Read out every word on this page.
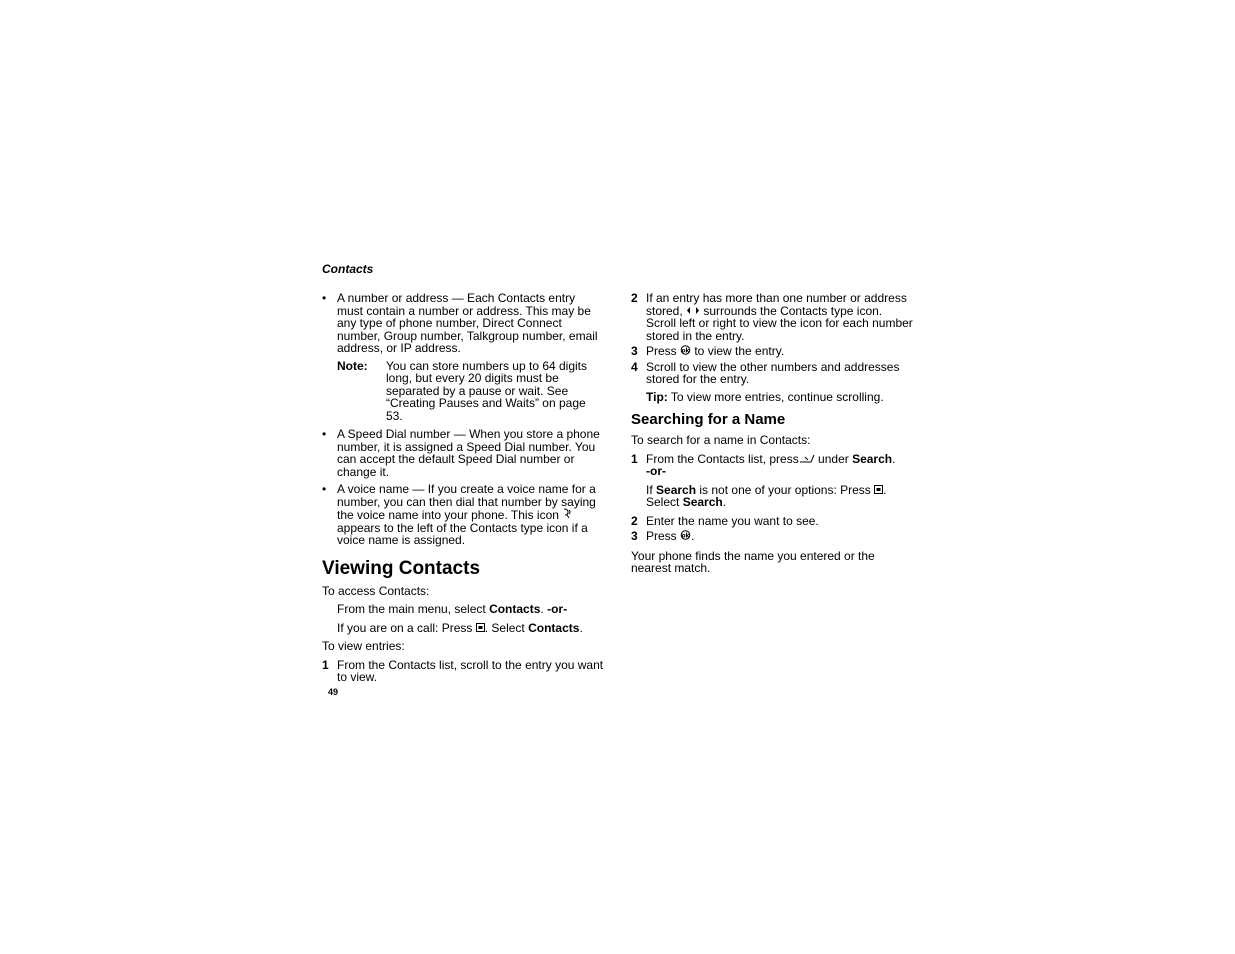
Contacts
• A number or address — Each Contacts entry must contain a number or address. This may be any type of phone number, Direct Connect number, Group number, Talkgroup number, email address, or IP address.
Note: You can store numbers up to 64 digits long, but every 20 digits must be separated by a pause or wait. See “Creating Pauses and Waits” on page 53.
• A Speed Dial number — When you store a phone number, it is assigned a Speed Dial number. You can accept the default Speed Dial number or change it.
• A voice name — If you create a voice name for a number, you can then dial that number by saying the voice name into your phone. This icon  appears to the left of the Contacts type icon if a voice name is assigned.
Viewing Contacts
To access Contacts:
From the main menu, select Contacts. -or-
If you are on a call: Press . Select Contacts.
To view entries:
1 From the Contacts list, scroll to the entry you want to view.
2 If an entry has more than one number or address stored,  surrounds the Contacts type icon. Scroll left or right to view the icon for each number stored in the entry.
3 Press ok to view the entry.
4 Scroll to view the other numbers and addresses stored for the entry.
Tip: To view more entries, continue scrolling.
Searching for a Name
To search for a name in Contacts:
1 From the Contacts list, press under Search.
-or-
If Search is not one of your options: Press . Select Search.
2 Enter the name you want to see.
3 Press ok .
Your phone finds the name you entered or the nearest match.
49
